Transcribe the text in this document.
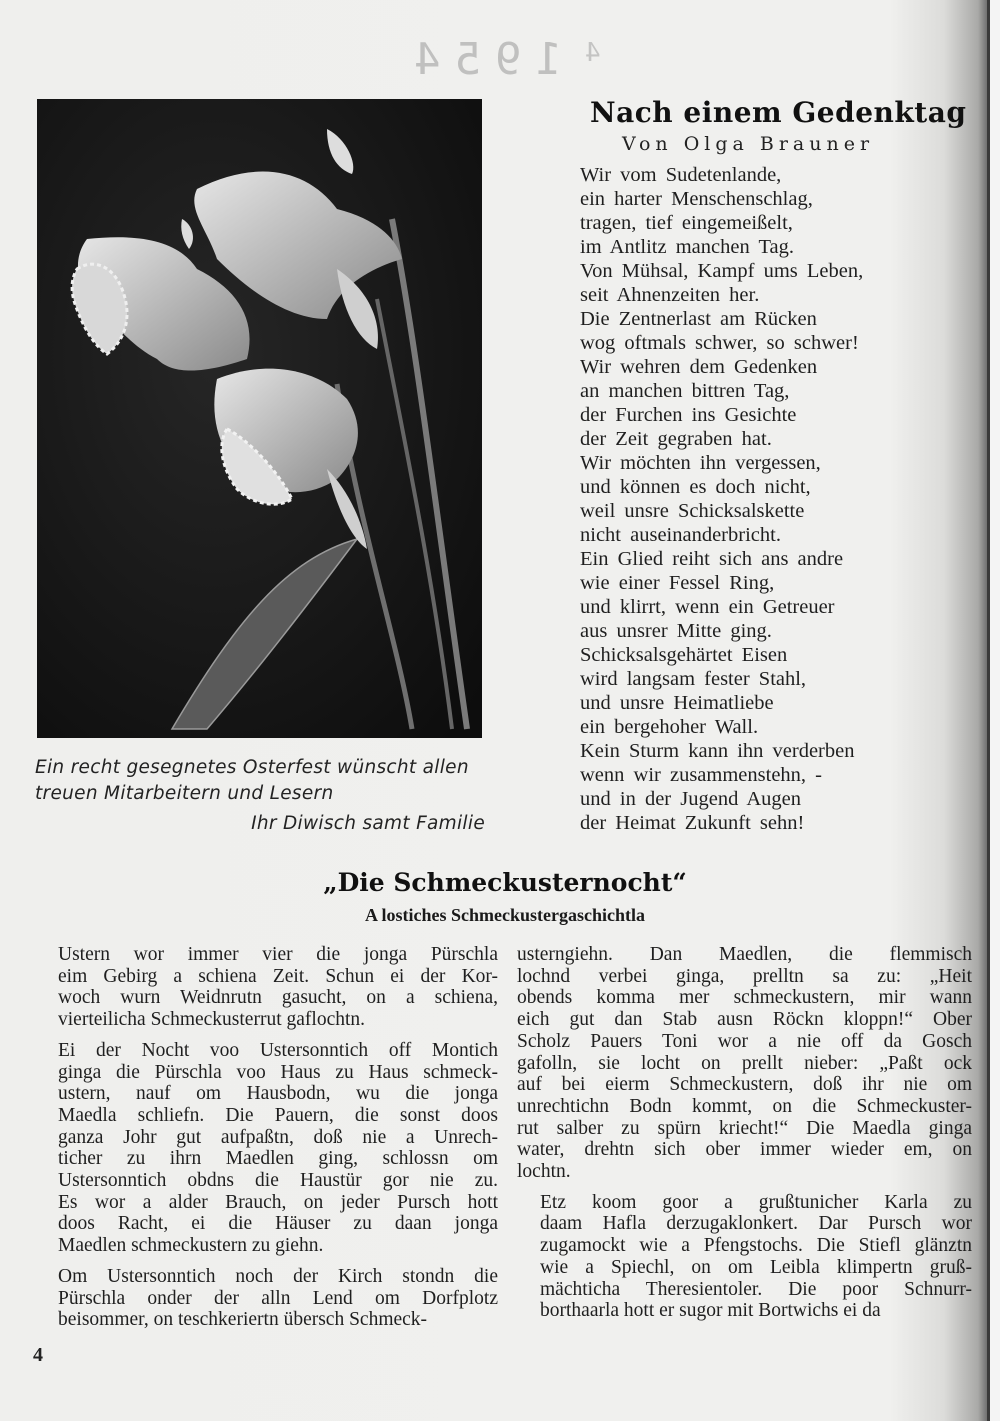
1954 4
Ein recht gesegnetes Osterfest wünscht allen
treuen Mitarbeitern und Lesern
Ihr Diwisch samt Familie
Nach einem Gedenktag
Von Olga Brauner
Wir vom Sudetenlande,
ein harter Menschenschlag,
tragen, tief eingemeißelt,
im Antlitz manchen Tag.
Von Mühsal, Kampf ums Leben,
seit Ahnenzeiten her.
Die Zentnerlast am Rücken
wog oftmals schwer, so schwer!
Wir wehren dem Gedenken
an manchen bittren Tag,
der Furchen ins Gesichte
der Zeit gegraben hat.
Wir möchten ihn vergessen,
und können es doch nicht,
weil unsre Schicksalskette
nicht auseinanderbricht.
Ein Glied reiht sich ans andre
wie einer Fessel Ring,
und klirrt, wenn ein Getreuer
aus unsrer Mitte ging.
Schicksalsgehärtet Eisen
wird langsam fester Stahl,
und unsre Heimatliebe
ein bergehoher Wall.
Kein Sturm kann ihn verderben
wenn wir zusammenstehn, -
und in der Jugend Augen
der Heimat Zukunft sehn!
„Die Schmeckusternocht“
A lostiches Schmeckustergaschichtla

Ustern wor immer vier die jonga Pürschla
eim Gebirg a schiena Zeit. Schun ei der Kor-
woch wurn Weidnrutn gasucht, on a schiena,
vierteilicha Schmeckusterrut gaflochtn.

Ei der Nocht voo Ustersonntich off Montich
ginga die Pürschla voo Haus zu Haus schmeck-
ustern, nauf om Hausbodn, wu die jonga
Maedla schliefn. Die Pauern, die sonst doos
ganza Johr gut aufpaßtn, doß nie a Unrech-
ticher zu ihrn Maedlen ging, schlossn om
Ustersonntich obdns die Haustür gor nie zu.
Es wor a alder Brauch, on jeder Pursch hott
doos Racht, ei die Häuser zu daan jonga
Maedlen schmeckustern zu giehn.

Om Ustersonntich noch der Kirch stondn die
Pürschla onder der alln Lend om Dorfplotz
beisommer, on teschkeriertn übersch Schmeck-

usterngiehn. Dan Maedlen, die flemmisch
lochnd verbei ginga, prelltn sa zu: „Heit
obends komma mer schmeckustern, mir wann
eich gut dan Stab ausn Röckn kloppn!“ Ober
Scholz Pauers Toni wor a nie off da Gosch
gafolln, sie locht on prellt nieber: „Paßt ock
auf bei eierm Schmeckustern, doß ihr nie om
unrechtichn Bodn kommt, on die Schmeckuster-
rut salber zu spürn kriecht!“ Die Maedla ginga
water, drehtn sich ober immer wieder em, on
lochtn.

Etz koom goor a grußtunicher Karla zu
daam Hafla derzugaklonkert. Dar Pursch wor
zugamockt wie a Pfengstochs. Die Stiefl glänztn
wie a Spiechl, on om Leibla klimpertn gruß-
mächticha Theresientoler. Die poor Schnurr-
borthaarla hott er sugor mit Bortwichs ei da

4
